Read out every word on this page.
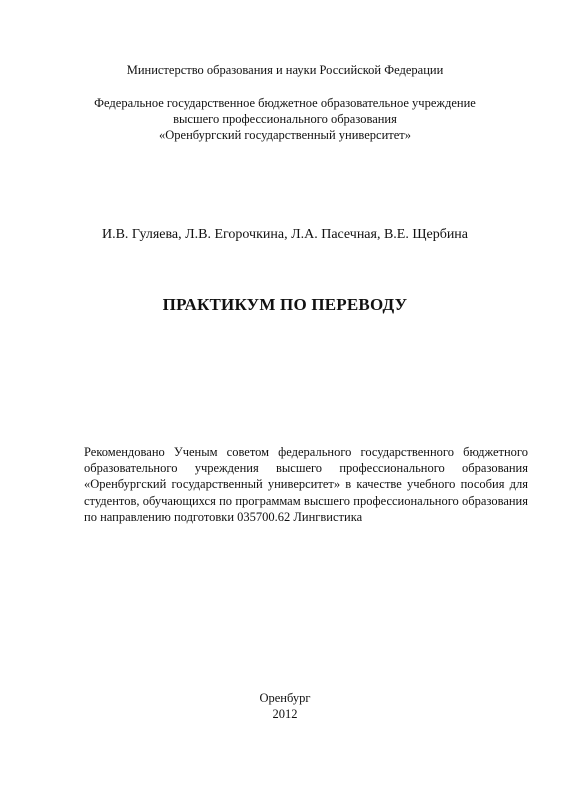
Министерство образования и науки Российской Федерации
Федеральное государственное бюджетное образовательное учреждение
высшего профессионального образования
«Оренбургский государственный университет»
И.В. Гуляева, Л.В. Егорочкина, Л.А. Пасечная, В.Е. Щербина
ПРАКТИКУМ ПО ПЕРЕВОДУ
Рекомендовано Ученым советом федерального государственного бюджетного образовательного учреждения высшего профессионального образования «Оренбургский государственный университет» в качестве учебного пособия для студентов, обучающихся по программам высшего профессионального образования по направлению подготовки 035700.62 Лингвистика
Оренбург
2012
